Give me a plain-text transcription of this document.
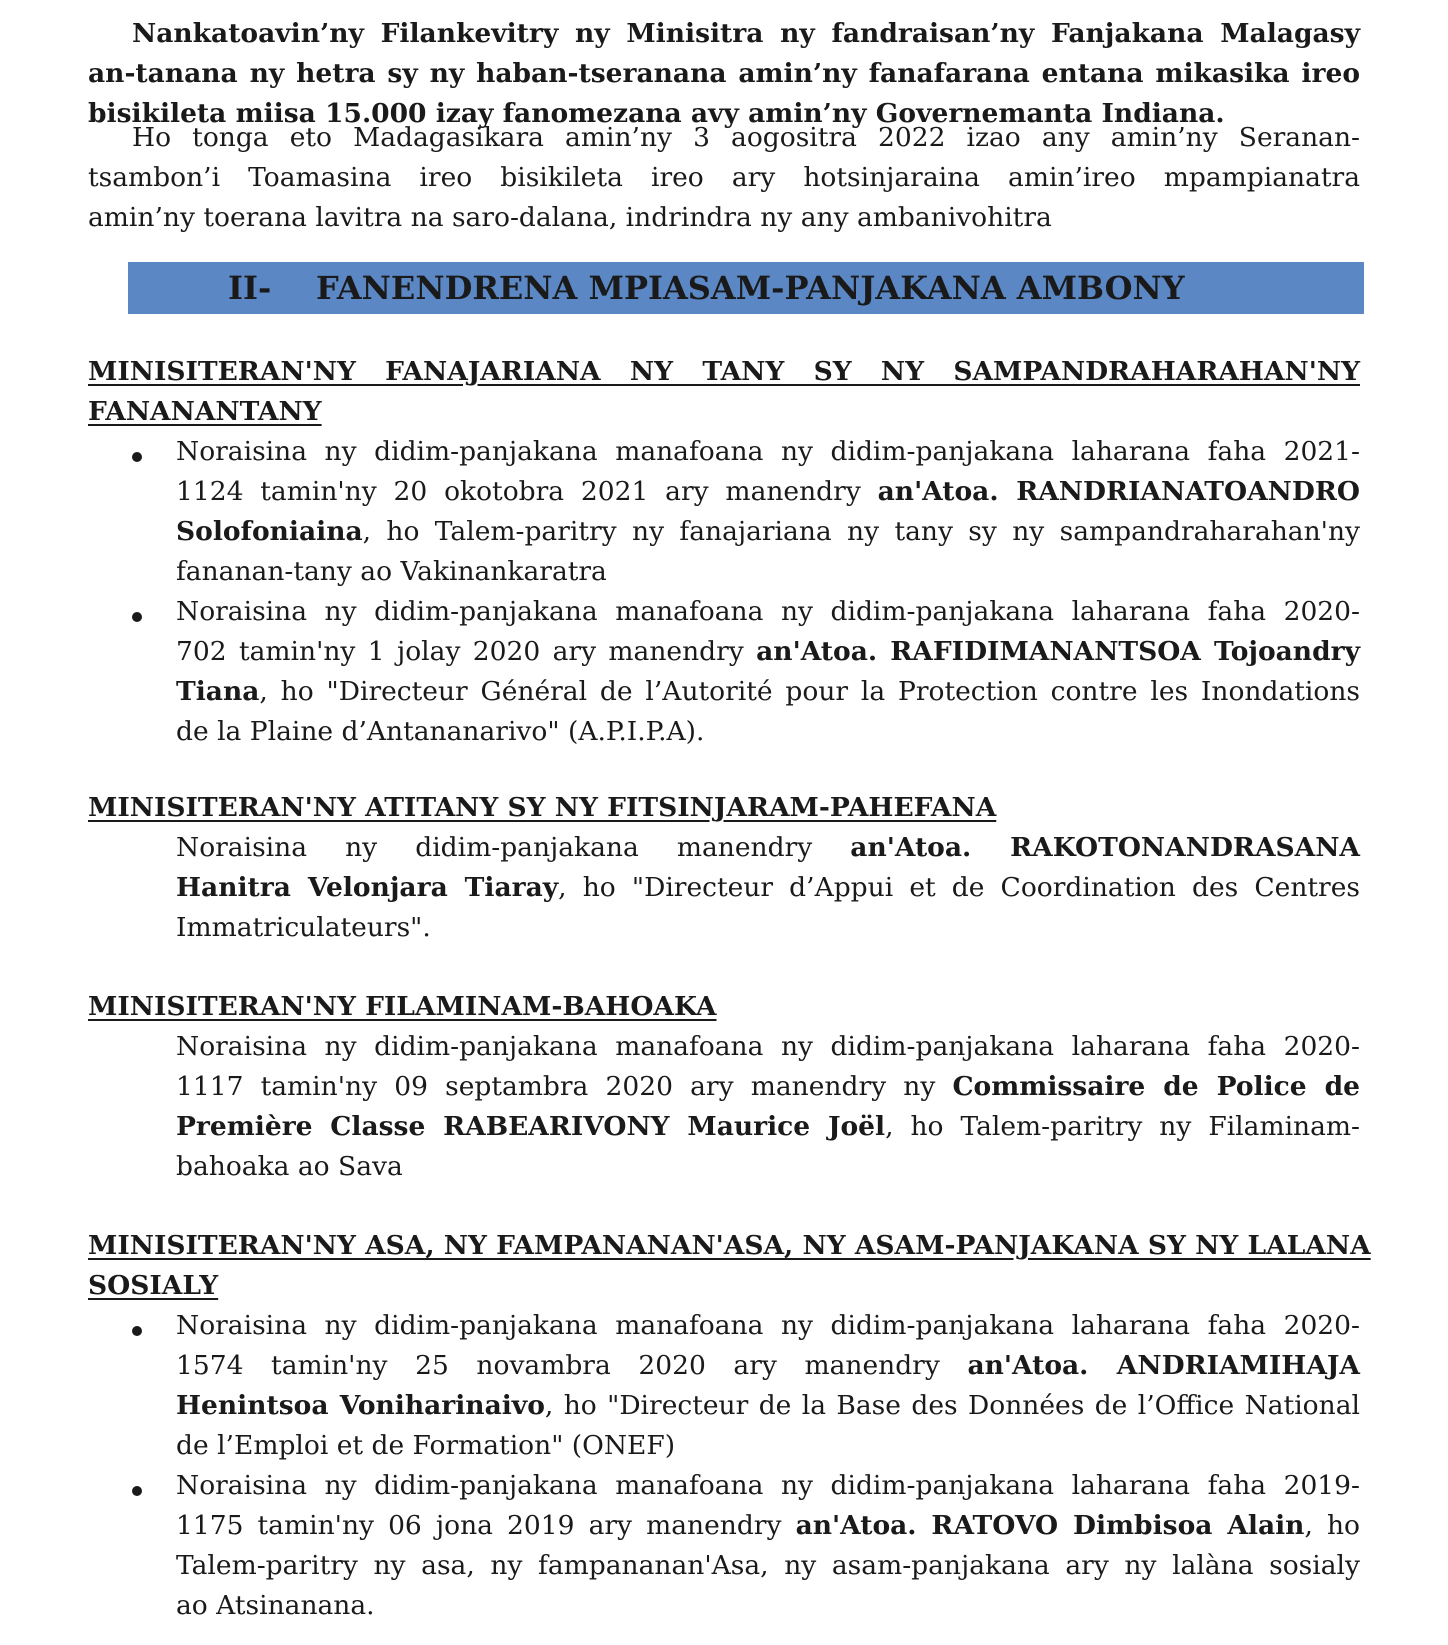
Nankatoavin’ny Filankevitry ny Minisitra ny fandraisan’ny Fanjakana Malagasy
an-tanana ny hetra sy ny haban-tseranana amin’ny fanafarana entana mikasika ireo
bisikileta miisa 15.000 izay fanomezana avy amin’ny Governemanta Indiana.
Ho tonga eto Madagasikara amin’ny 3 aogositra 2022 izao any amin’ny Seranan-
tsambon’i Toamasina ireo bisikileta ireo ary hotsinjaraina amin’ireo mpampianatra
amin’ny toerana lavitra na saro-dalana, indrindra ny any ambanivohitra
II- FANENDRENA MPIASAM-PANJAKANA AMBONY
MINISITERAN'NY FANAJARIANA NY TANY SY NY SAMPANDRAHARAHAN'NY
FANANANTANY
Noraisina ny didim-panjakana manafoana ny didim-panjakana laharana faha 2021-
1124 tamin'ny 20 okotobra 2021 ary manendry an'Atoa. RANDRIANATOANDRO
Solofoniaina, ho Talem-paritry ny fanajariana ny tany sy ny sampandraharahan'ny
fananan-tany ao Vakinankaratra
Noraisina ny didim-panjakana manafoana ny didim-panjakana laharana faha 2020-
702 tamin'ny 1 jolay 2020 ary manendry an'Atoa. RAFIDIMANANTSOA Tojoandry
Tiana, ho "Directeur Général de l’Autorité pour la Protection contre les Inondations
de la Plaine d’Antananarivo" (A.P.I.P.A).
MINISITERAN'NY ATITANY SY NY FITSINJARAM-PAHEFANA
Noraisina ny didim-panjakana manendry an'Atoa. RAKOTONANDRASANA
Hanitra Velonjara Tiaray, ho "Directeur d’Appui et de Coordination des Centres
Immatriculateurs".
MINISITERAN'NY FILAMINAM-BAHOAKA
Noraisina ny didim-panjakana manafoana ny didim-panjakana laharana faha 2020-
1117 tamin'ny 09 septambra 2020 ary manendry ny Commissaire de Police de
Première Classe RABEARIVONY Maurice Joël, ho Talem-paritry ny Filaminam-
bahoaka ao Sava
MINISITERAN'NY ASA, NY FAMPANANAN'ASA, NY ASAM-PANJAKANA SY NY LALANA
SOSIALY
Noraisina ny didim-panjakana manafoana ny didim-panjakana laharana faha 2020-
1574 tamin'ny 25 novambra 2020 ary manendry an'Atoa. ANDRIAMIHAJA
Henintsoa Voniharinaivo, ho "Directeur de la Base des Données de l’Office National
de l’Emploi et de Formation" (ONEF)
Noraisina ny didim-panjakana manafoana ny didim-panjakana laharana faha 2019-
1175 tamin'ny 06 jona 2019 ary manendry an'Atoa. RATOVO Dimbisoa Alain, ho
Talem-paritry ny asa, ny fampananan'Asa, ny asam-panjakana ary ny lalàna sosialy
ao Atsinanana.
